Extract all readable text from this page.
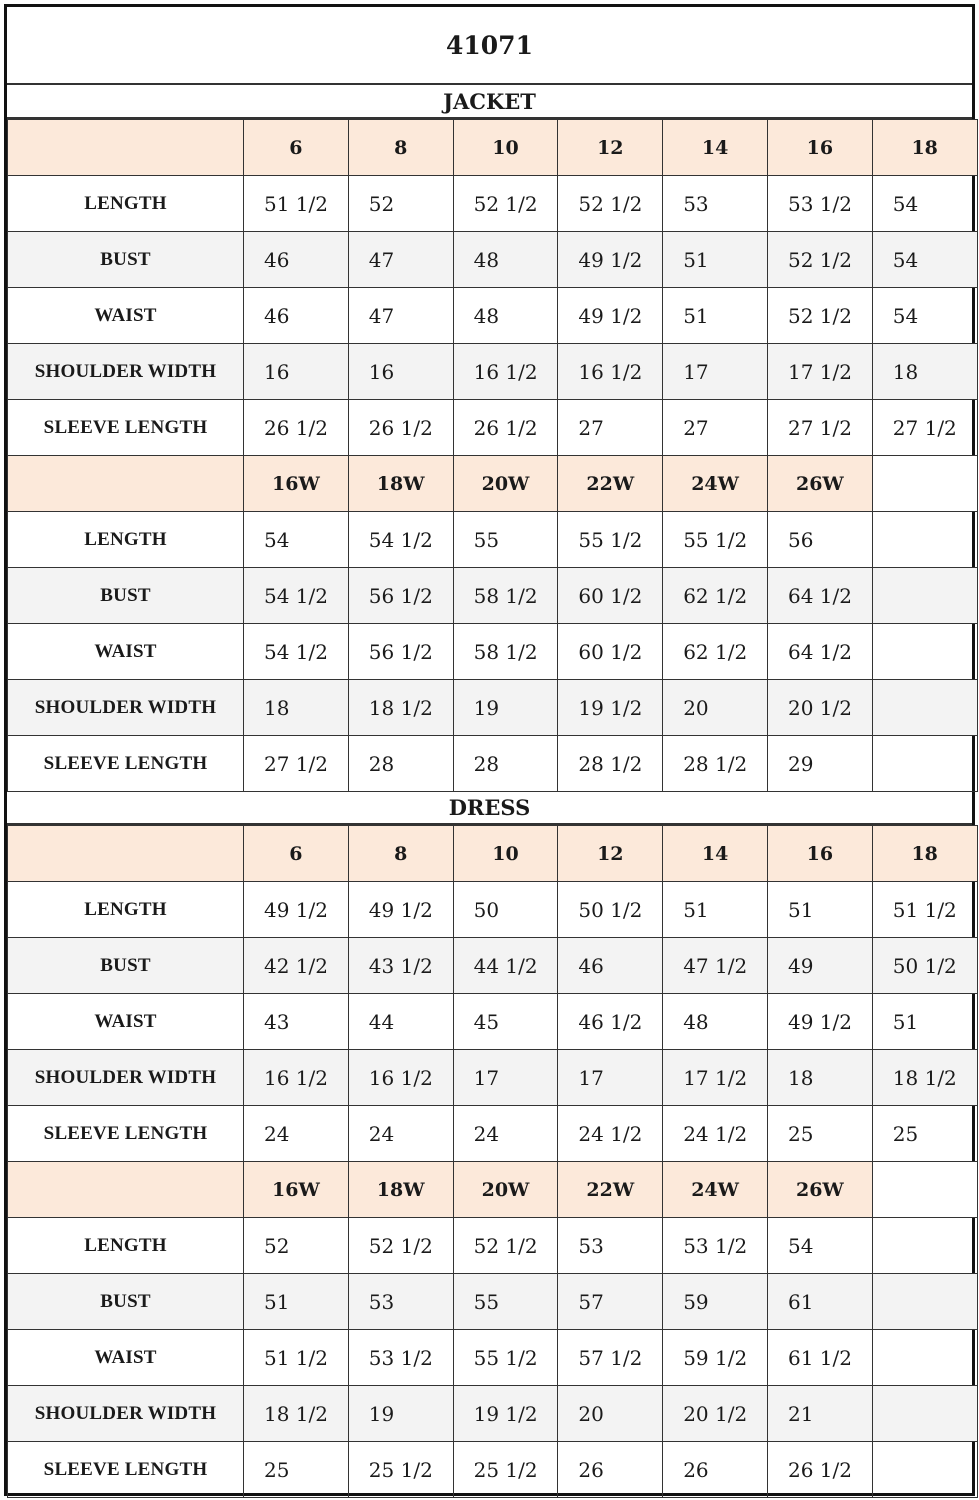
41071
JACKET
	6	8	10	12	14	16	18
LENGTH	51 1/2	52	52 1/2	52 1/2	53	53 1/2	54
BUST	46	47	48	49 1/2	51	52 1/2	54
WAIST	46	47	48	49 1/2	51	52 1/2	54
SHOULDER WIDTH	16	16	16 1/2	16 1/2	17	17 1/2	18
SLEEVE LENGTH	26 1/2	26 1/2	26 1/2	27	27	27 1/2	27 1/2
	16W	18W	20W	22W	24W	26W	
LENGTH	54	54 1/2	55	55 1/2	55 1/2	56	
BUST	54 1/2	56 1/2	58 1/2	60 1/2	62 1/2	64 1/2	
WAIST	54 1/2	56 1/2	58 1/2	60 1/2	62 1/2	64 1/2	
SHOULDER WIDTH	18	18 1/2	19	19 1/2	20	20 1/2	
SLEEVE LENGTH	27 1/2	28	28	28 1/2	28 1/2	29	
DRESS
	6	8	10	12	14	16	18
LENGTH	49 1/2	49 1/2	50	50 1/2	51	51	51 1/2
BUST	42 1/2	43 1/2	44 1/2	46	47 1/2	49	50 1/2
WAIST	43	44	45	46 1/2	48	49 1/2	51
SHOULDER WIDTH	16 1/2	16 1/2	17	17	17 1/2	18	18 1/2
SLEEVE LENGTH	24	24	24	24 1/2	24 1/2	25	25
	16W	18W	20W	22W	24W	26W	
LENGTH	52	52 1/2	52 1/2	53	53 1/2	54	
BUST	51	53	55	57	59	61	
WAIST	51 1/2	53 1/2	55 1/2	57 1/2	59 1/2	61 1/2	
SHOULDER WIDTH	18 1/2	19	19 1/2	20	20 1/2	21	
SLEEVE LENGTH	25	25 1/2	25 1/2	26	26	26 1/2	
